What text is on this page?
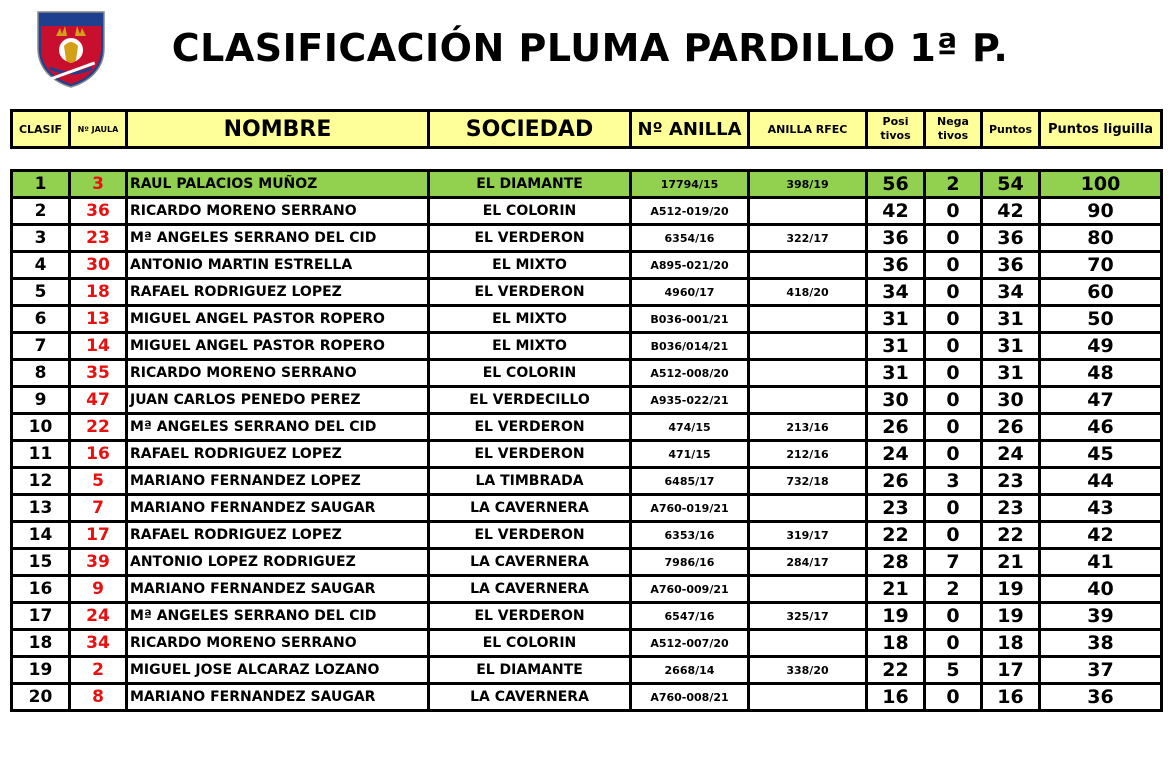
CLASIFICACIÓN PLUMA PARDILLO 1ª P.
CLASIF	Nº JAULA	NOMBRE	SOCIEDAD	Nº ANILLA	ANILLA RFEC	Posi tivos	Nega tivos	Puntos	Puntos liguilla

1	3	RAUL PALACIOS MUÑOZ	EL DIAMANTE	17794/15	398/19	56	2	54	100
2	36	RICARDO MORENO SERRANO	EL COLORIN	A512-019/20		42	0	42	90
3	23	Mª ANGELES SERRANO DEL CID	EL VERDERON	6354/16	322/17	36	0	36	80
4	30	ANTONIO MARTIN ESTRELLA	EL MIXTO	A895-021/20		36	0	36	70
5	18	RAFAEL RODRIGUEZ LOPEZ	EL VERDERON	4960/17	418/20	34	0	34	60
6	13	MIGUEL ANGEL PASTOR ROPERO	EL MIXTO	B036-001/21		31	0	31	50
7	14	MIGUEL ANGEL PASTOR ROPERO	EL MIXTO	B036/014/21		31	0	31	49
8	35	RICARDO MORENO SERRANO	EL COLORIN	A512-008/20		31	0	31	48
9	47	JUAN CARLOS PENEDO PEREZ	EL VERDECILLO	A935-022/21		30	0	30	47
10	22	Mª ANGELES SERRANO DEL CID	EL VERDERON	474/15	213/16	26	0	26	46
11	16	RAFAEL RODRIGUEZ LOPEZ	EL VERDERON	471/15	212/16	24	0	24	45
12	5	MARIANO FERNANDEZ LOPEZ	LA TIMBRADA	6485/17	732/18	26	3	23	44
13	7	MARIANO FERNANDEZ SAUGAR	LA CAVERNERA	A760-019/21		23	0	23	43
14	17	RAFAEL RODRIGUEZ LOPEZ	EL VERDERON	6353/16	319/17	22	0	22	42
15	39	ANTONIO LOPEZ RODRIGUEZ	LA CAVERNERA	7986/16	284/17	28	7	21	41
16	9	MARIANO FERNANDEZ SAUGAR	LA CAVERNERA	A760-009/21		21	2	19	40
17	24	Mª ANGELES SERRANO DEL CID	EL VERDERON	6547/16	325/17	19	0	19	39
18	34	RICARDO MORENO SERRANO	EL COLORIN	A512-007/20		18	0	18	38
19	2	MIGUEL JOSE ALCARAZ LOZANO	EL DIAMANTE	2668/14	338/20	22	5	17	37
20	8	MARIANO FERNANDEZ SAUGAR	LA CAVERNERA	A760-008/21		16	0	16	36
